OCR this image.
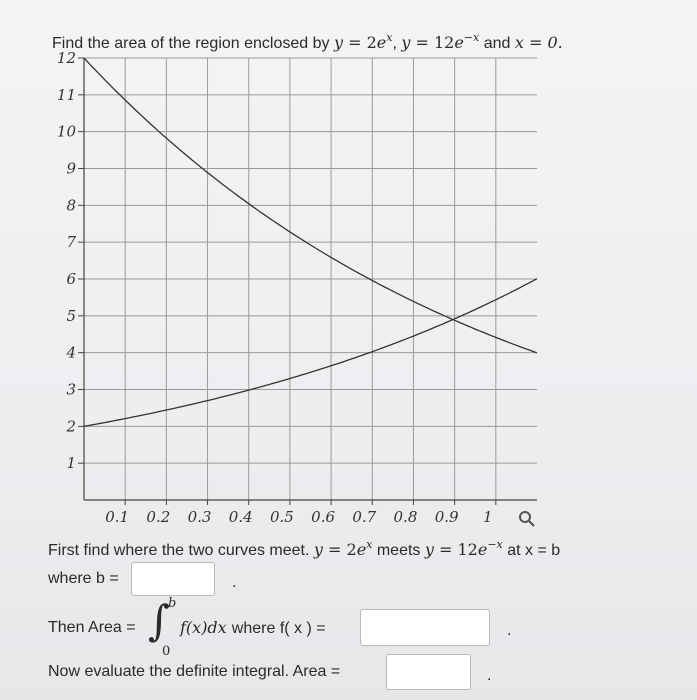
Find the area of the region enclosed by $y = 2e^x$, $y = 12e^{-x}$ and x = 0.
0.1 0.2 0.3 0.4 0.5 0.6 0.7 0.8 0.9 1
1
2
3
4
5
6
7
8
9
10
11
12
First find where the two curves meet. $y = 2e^x$ meets $y = 12e^{-x}$ at x = b
where b =	.
Then Area = ∫
b
0
f(x)dx where f( x ) =	.
Now evaluate the definite integral. Area =	.
